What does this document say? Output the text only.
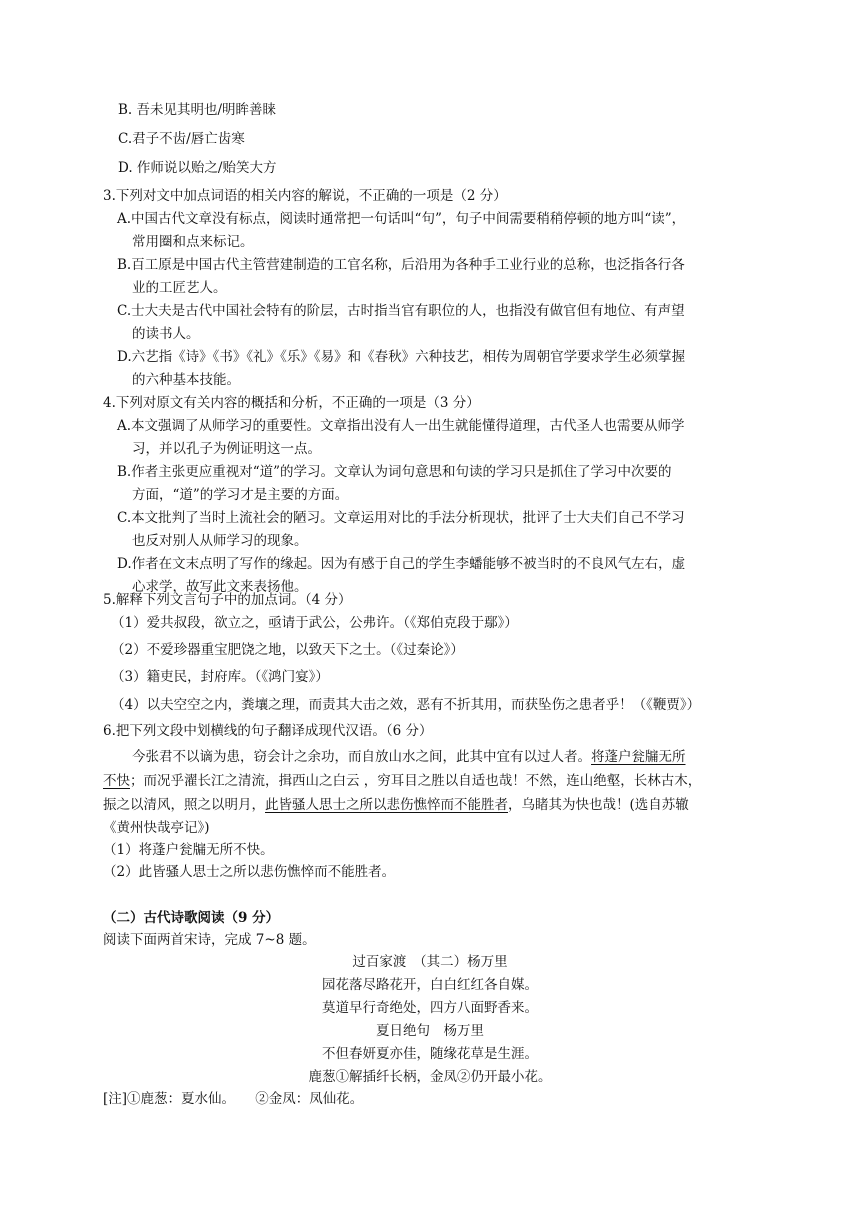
B. 吾未见其明也/明眸善睐
C.君子不齿/唇亡齿寒
D. 作师说以贻之/贻笑大方
3.下列对文中加点词语的相关内容的解说，不正确的一项是（2 分）
A.中国古代文章没有标点，阅读时通常把一句话叫“句”，句子中间需要稍稍停顿的地方叫“读”，
常用圈和点来标记。
B.百工原是中国古代主管营建制造的工官名称，后沿用为各种手工业行业的总称，也泛指各行各
业的工匠艺人。
C.士大夫是古代中国社会特有的阶层，古时指当官有职位的人，也指没有做官但有地位、有声望
的读书人。
D.六艺指《诗》《书》《礼》《乐》《易》和《春秋》六种技艺，相传为周朝官学要求学生必须掌握
的六种基本技能。
4.下列对原文有关内容的概括和分析，不正确的一项是（3 分）
A.本文强调了从师学习的重要性。文章指出没有人一出生就能懂得道理，古代圣人也需要从师学
习，并以孔子为例证明这一点。
B.作者主张更应重视对“道”的学习。文章认为词句意思和句读的学习只是抓住了学习中次要的
方面，“道”的学习才是主要的方面。
C.本文批判了当时上流社会的陋习。文章运用对比的手法分析现状，批评了士大夫们自己不学习
也反对别人从师学习的现象。
D.作者在文末点明了写作的缘起。因为有感于自己的学生李蟠能够不被当时的不良风气左右，虚
心求学，故写此文来表扬他。
5.解释下列文言句子中的加点词。（4 分）
（1）爱共叔段，欲立之，亟请于武公，公弗许。（《郑伯克段于鄢》）
（2）不爱珍器重宝肥饶之地，以致天下之士。（《过秦论》）
（3）籍吏民，封府库。（《鸿门宴》）
（4）以夫空空之内，粪壤之理，而责其大击之效，恶有不折其用，而获坠伤之患者乎！（《鞭贾》）
6.把下列文段中划横线的句子翻译成现代汉语。（6 分）
今张君不以谪为患，窃会计之余功，而自放山水之间，此其中宜有以过人者。将蓬户瓮牖无所
不快；而况乎濯长江之清流，揖西山之白云 ，穷耳目之胜以自适也哉！不然，连山绝壑，长林古木，
振之以清风，照之以明月，此皆骚人思士之所以悲伤憔悴而不能胜者，乌睹其为快也哉！(选自苏辙
《黄州快哉亭记》)
（1）将蓬户瓮牖无所不快。
（2）此皆骚人思士之所以悲伤憔悴而不能胜者。
（二）古代诗歌阅读（9 分）
阅读下面两首宋诗，完成 7~8 题。
过百家渡　（其二）杨万里
园花落尽路花开，白白红红各自媒。
莫道早行奇绝处，四方八面野香来。
夏日绝句　杨万里
不但春妍夏亦佳，随缘花草是生涯。
鹿葱①解插纤长柄，金凤②仍开最小花。
[注]①鹿葱：夏水仙。　　②金凤：凤仙花。
